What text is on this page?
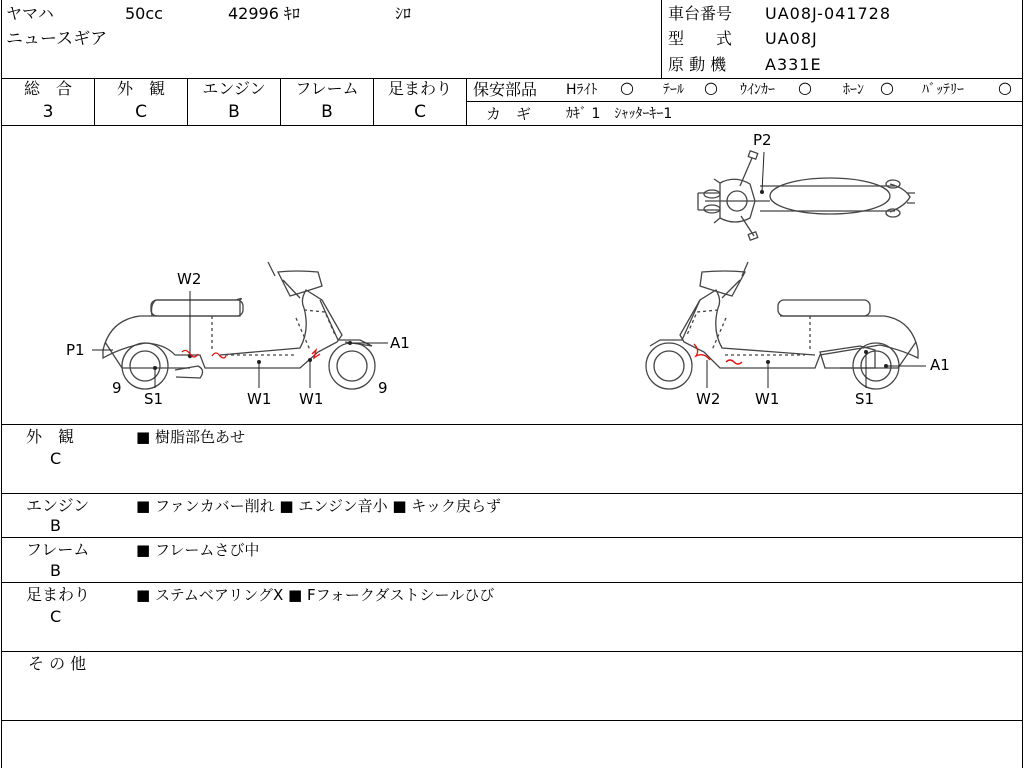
ヤマハ	50cc	42996 ｷﾛ	ｼﾛ
ニュースギア
車台番号 UA08J-041728
型　　式 UA08J
原 動 機 A331E
総　合
3
外　観
C
エンジン
B
フレーム
B
足まわり
C
保安部品 Hﾗｲﾄ ○ ﾃｰﾙ ○ ｳｲﾝｶｰ ○ ﾎｰﾝ ○ ﾊﾞｯﾃﾘｰ ○
カ　ギ ｶｷﾞ 1　ｼｬｯﾀｰｷｰ1
P2
P1
W2
A1
9	9
S1	W1 W1	W2 W1	S1
A1
外　観
C
■ 樹脂部色あせ
エンジン
B
■ ファンカバー削れ ■ エンジン音小 ■ キック戻らず
フレーム
B
■ フレームさび中
足まわり
C
■ ステムベアリングX ■ Fフォークダストシールひび
そ の 他
